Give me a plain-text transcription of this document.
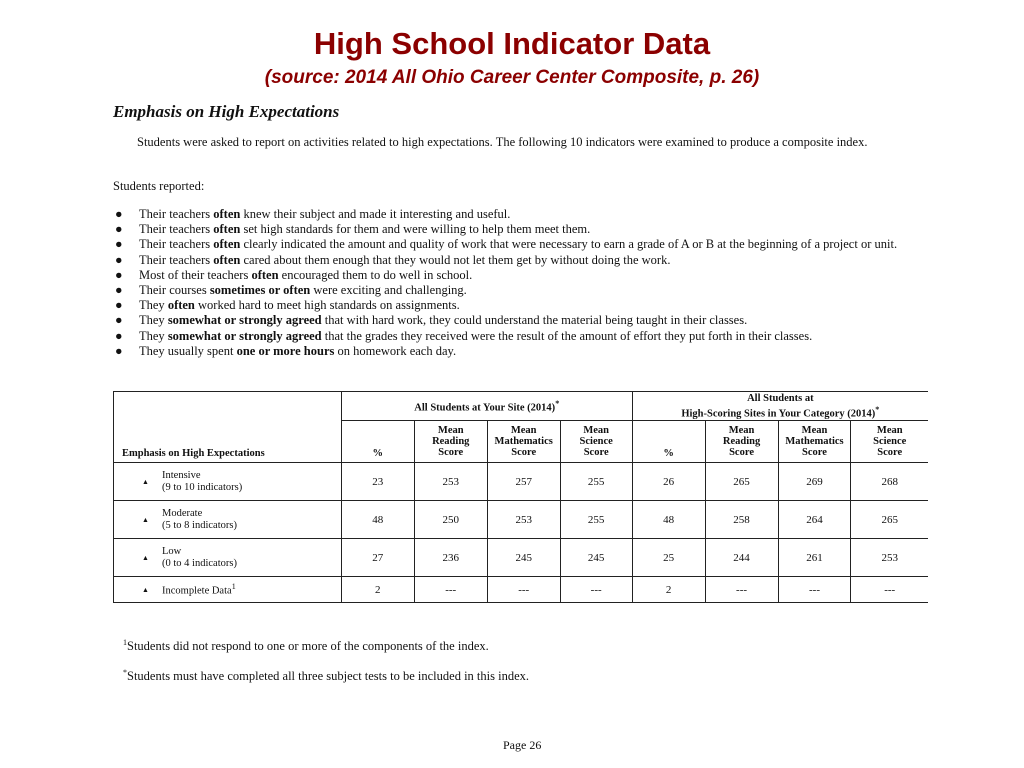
High School Indicator Data
(source: 2014 All Ohio Career Center Composite, p. 26)
Emphasis on High Expectations
Students were asked to report on activities related to high expectations. The following 10 indicators were examined to produce a composite index.
Students reported:
● Their teachers often knew their subject and made it interesting and useful.
● Their teachers often set high standards for them and were willing to help them meet them.
● Their teachers often clearly indicated the amount and quality of work that were necessary to earn a grade of A or B at the beginning of a project or unit.
● Their teachers often cared about them enough that they would not let them get by without doing the work.
● Most of their teachers often encouraged them to do well in school.
● Their courses sometimes or often were exciting and challenging.
● They often worked hard to meet high standards on assignments.
● They somewhat or strongly agreed that with hard work, they could understand the material being taught in their classes.
● They somewhat or strongly agreed that the grades they received were the result of the amount of effort they put forth in their classes.
● They usually spent one or more hours on homework each day.
Emphasis on High Expectations	All Students at Your Site (2014)*				All Students at
High-Scoring Sites in Your Category (2014)*
	%	Mean
Reading
Score	Mean
Mathematics
Score	Mean
Science
Score	%	Mean
Reading
Score	Mean
Mathematics
Score	Mean
Science
Score

▲
Intensive
(9 to 10 indicators)	23	253	257	255	26	265	269	268

▲
Moderate
(5 to 8 indicators)	48	250	253	255	48	258	264	265

▲
Low
(0 to 4 indicators)	27	236	245	245	25	244	261	253

▲ Incomplete Data$^1$	2	---	---	---	2	---	---	---
$^1$Students did not respond to one or more of the components of the index.
*Students must have completed all three subject tests to be included in this index.
Page 26
